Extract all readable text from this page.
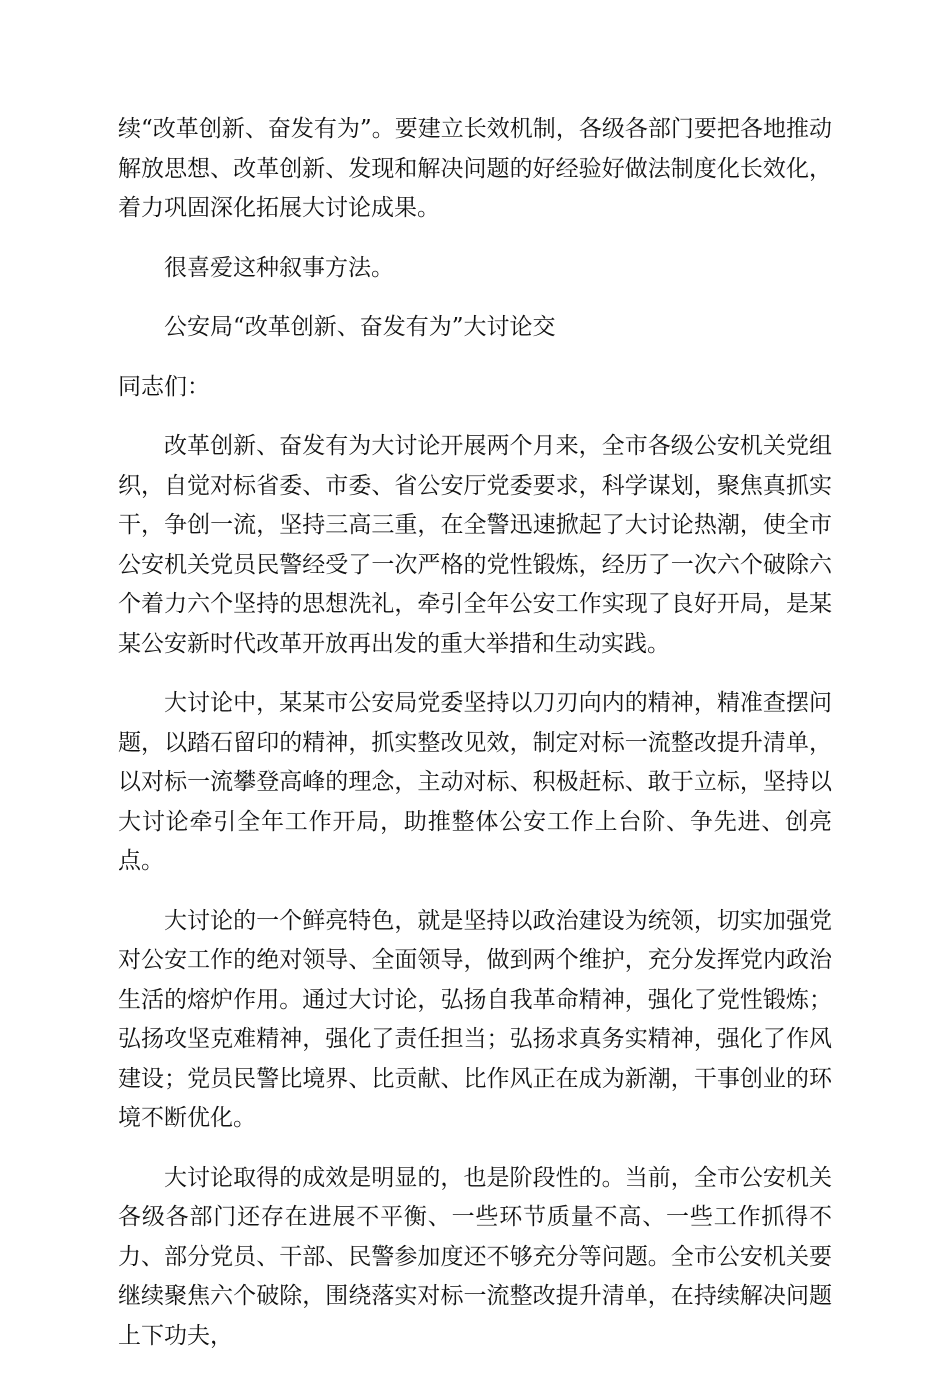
续“改革创新、奋发有为”。要建立长效机制，各级各部门要把各地推动解放思想、改革创新、发现和解决问题的好经验好做法制度化长效化，着力巩固深化拓展大讨论成果。

很喜爱这种叙事方法。

公安局“改革创新、奋发有为”大讨论交

同志们：

改革创新、奋发有为大讨论开展两个月来，全市各级公安机关党组织，自觉对标省委、市委、省公安厅党委要求，科学谋划，聚焦真抓实干，争创一流，坚持三高三重，在全警迅速掀起了大讨论热潮，使全市公安机关党员民警经受了一次严格的党性锻炼，经历了一次六个破除六个着力六个坚持的思想洗礼，牵引全年公安工作实现了良好开局，是某某公安新时代改革开放再出发的重大举措和生动实践。

大讨论中，某某市公安局党委坚持以刀刃向内的精神，精准查摆问题，以踏石留印的精神，抓实整改见效，制定对标一流整改提升清单，以对标一流攀登高峰的理念，主动对标、积极赶标、敢于立标，坚持以大讨论牵引全年工作开局，助推整体公安工作上台阶、争先进、创亮点。

大讨论的一个鲜亮特色，就是坚持以政治建设为统领，切实加强党对公安工作的绝对领导、全面领导，做到两个维护，充分发挥党内政治生活的熔炉作用。通过大讨论，弘扬自我革命精神，强化了党性锻炼；弘扬攻坚克难精神，强化了责任担当；弘扬求真务实精神，强化了作风建设；党员民警比境界、比贡献、比作风正在成为新潮，干事创业的环境不断优化。

大讨论取得的成效是明显的，也是阶段性的。当前，全市公安机关各级各部门还存在进展不平衡、一些环节质量不高、一些工作抓得不力、部分党员、干部、民警参加度还不够充分等问题。全市公安机关要继续聚焦六个破除，围绕落实对标一流整改提升清单，在持续解决问题上下功夫，
